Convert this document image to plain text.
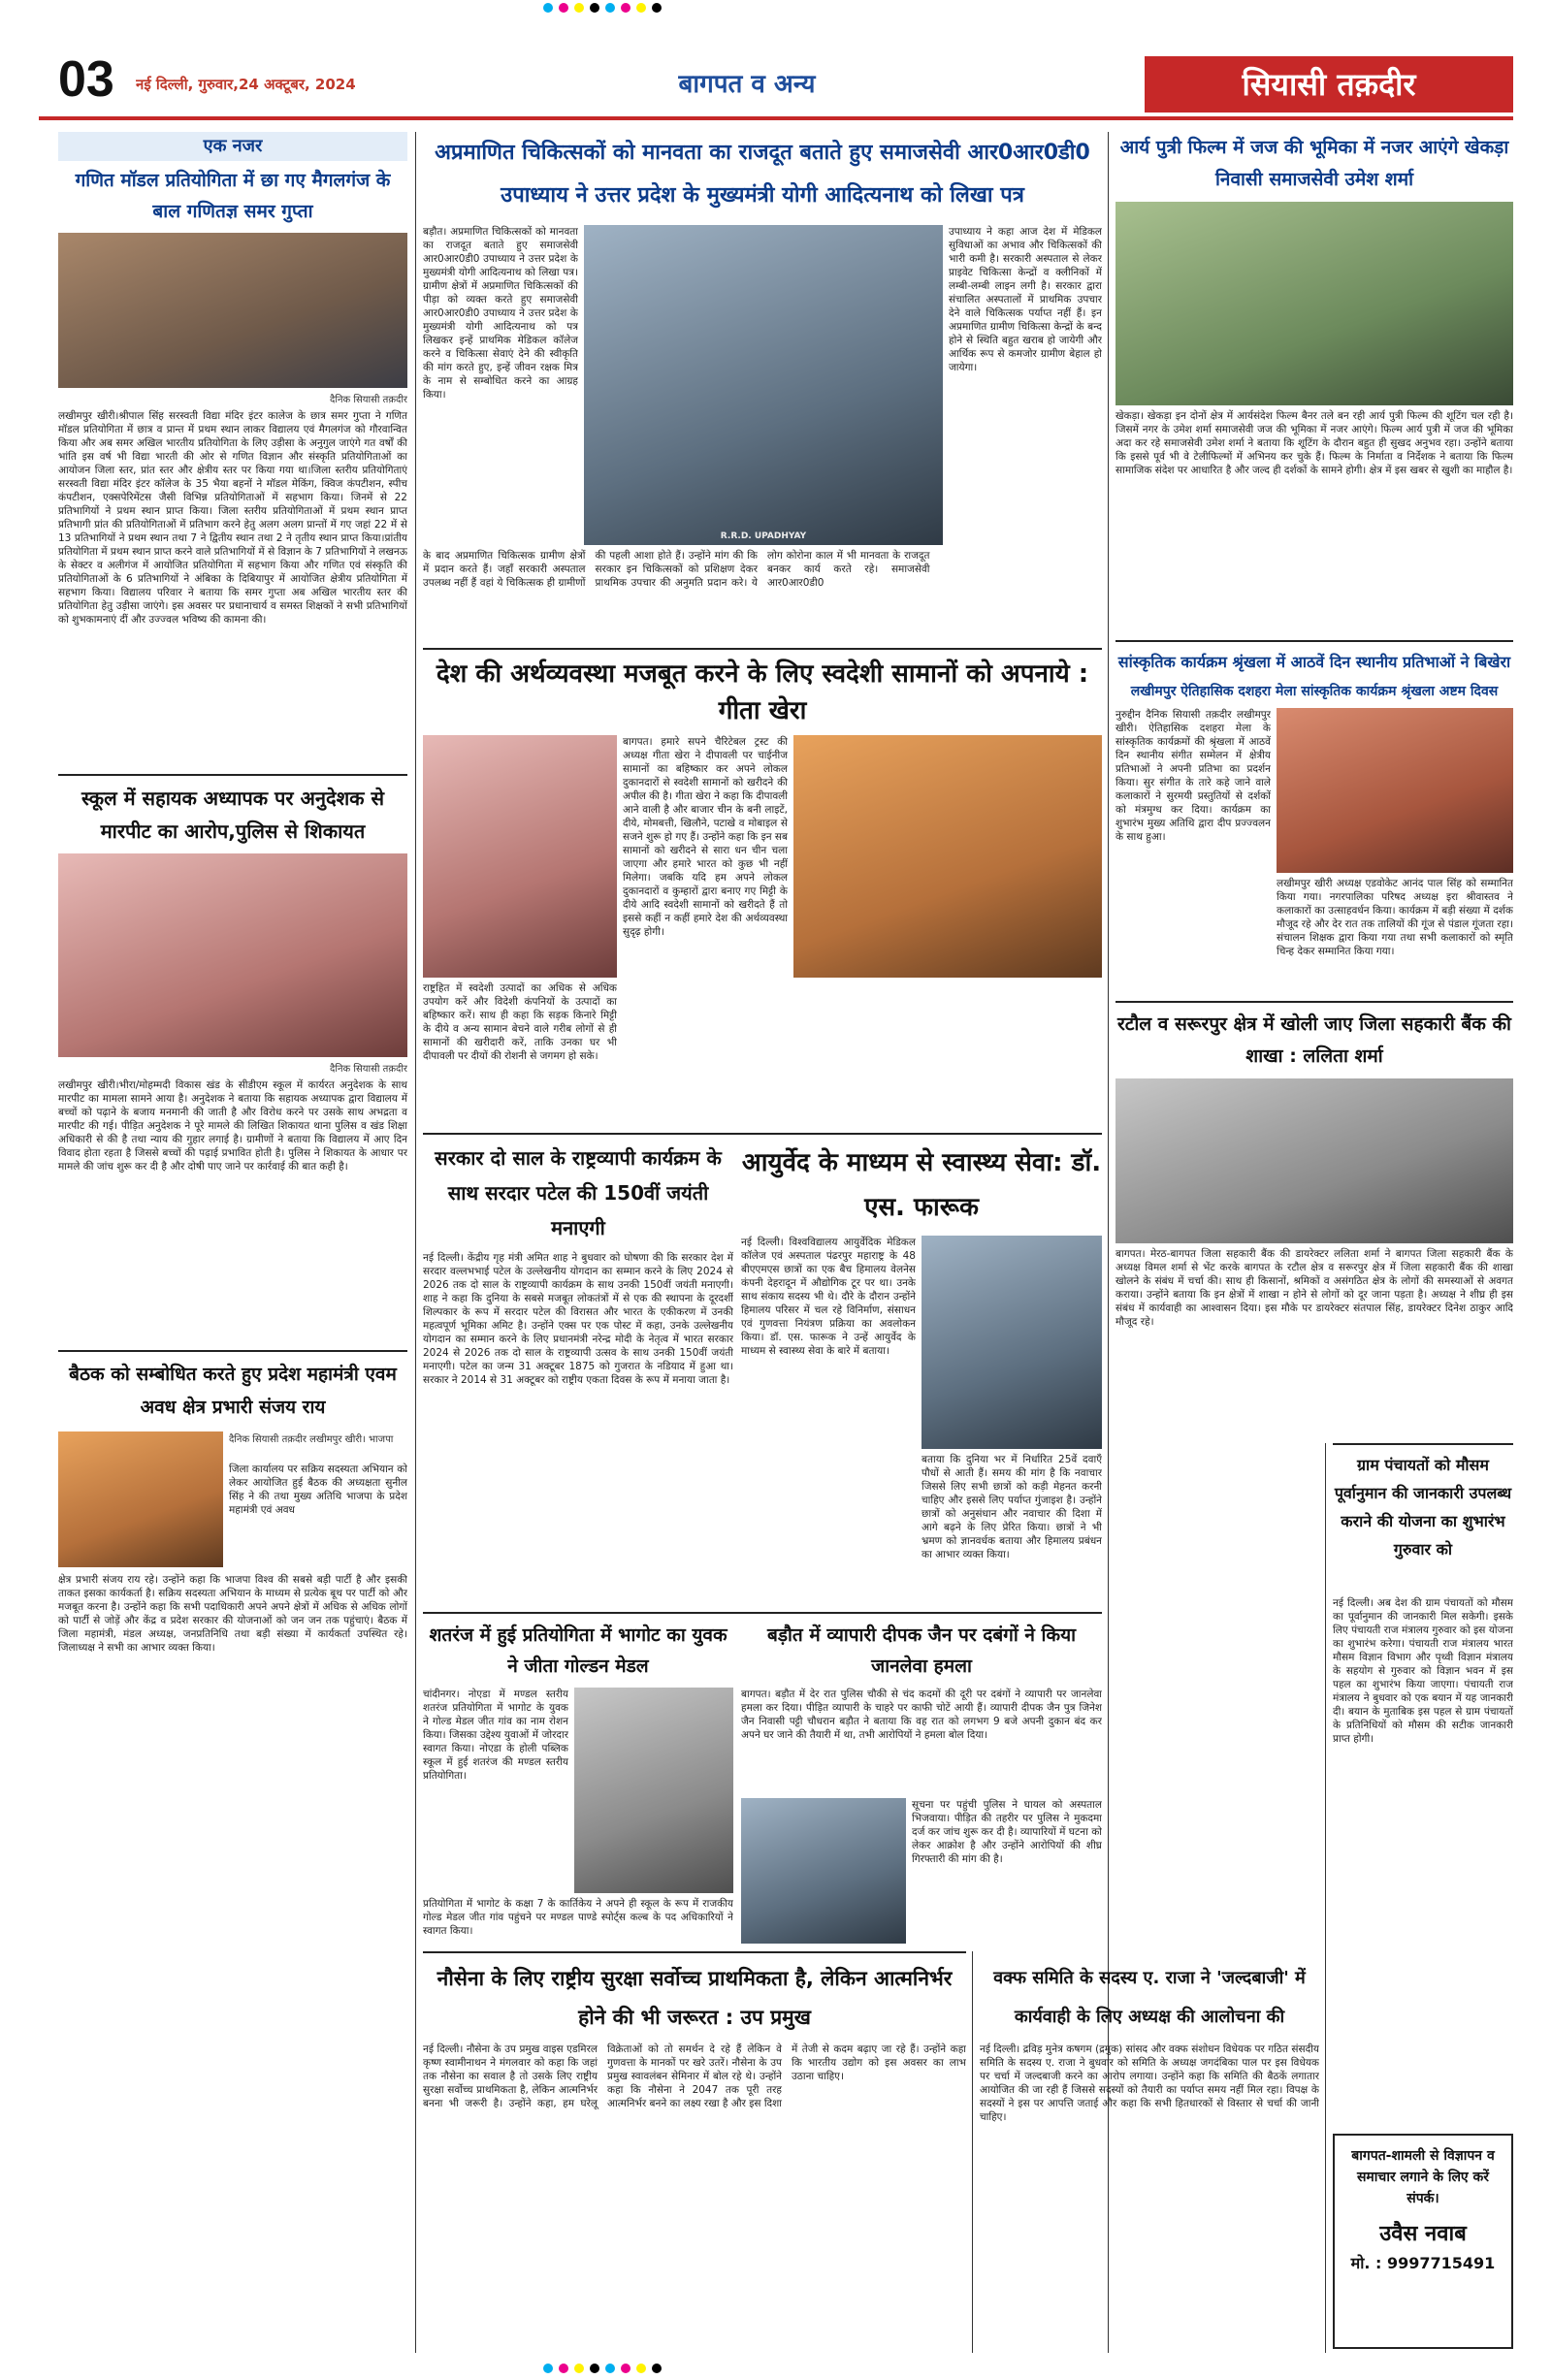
03	नई दिल्ली, गुरुवार,24 अक्टूबर, 2024	बागपत व अन्य	सियासी तक़दीर
एक नजर
गणित मॉडल प्रतियोगिता में छा गए मैगलगंज के बाल गणितज्ञ समर गुप्ता
दैनिक सियासी तक़दीर
लखीमपुर खीरी।श्रीपाल सिंह सरस्वती विद्या मंदिर इंटर कालेज के छात्र समर गुप्ता ने गणित मॉडल प्रतियोगिता में छात्र व प्रान्त में प्रथम स्थान लाकर विद्यालय एवं मैगलगंज को गौरवान्वित किया और अब समर अखिल भारतीय प्रतियोगिता के लिए उड़ीसा के अनुगुल जाएंगे गत वर्षों की भांति इस वर्ष भी विद्या भारती की ओर से गणित विज्ञान और संस्कृति प्रतियोगिताओं का आयोजन जिला स्तर, प्रांत स्तर और क्षेत्रीय स्तर पर किया गया था।जिला स्तरीय प्रतियोगिताएं सरस्वती विद्या मंदिर इंटर कॉलेज के 35 भैया बहनों ने मॉडल मेकिंग, क्विज कंपटीशन, स्पीच कंपटीशन, एक्सपेरिमेंटस जैसी विभिन्न प्रतियोगिताओं में सहभाग किया। जिनमें से 22 प्रतिभागियों ने प्रथम स्थान प्राप्त किया। जिला स्तरीय प्रतियोगिताओं में प्रथम स्थान प्राप्त प्रतिभागी प्रांत की प्रतियोगिताओं में प्रतिभाग करने हेतु अलग अलग प्रान्तों में गए जहां 22 में से 13 प्रतिभागियों ने प्रथम स्थान तथा 7 ने द्वितीय स्थान तथा 2 ने तृतीय स्थान प्राप्त किया।प्रांतीय प्रतियोगिता में प्रथम स्थान प्राप्त करने वाले प्रतिभागियों में से विज्ञान के 7 प्रतिभागियों ने लखनऊ के सेक्टर व अलीगंज में आयोजित प्रतियोगिता में सहभाग किया और गणित एवं संस्कृति की प्रतियोगिताओं के 6 प्रतिभागियों ने अंबिका के दिबियापुर में आयोजित क्षेत्रीय प्रतियोगिता में सहभाग किया। विद्यालय परिवार ने बताया कि समर गुप्ता अब अखिल भारतीय स्तर की प्रतियोगिता हेतु उड़ीसा जाएंगे। इस अवसर पर प्रधानाचार्य व समस्त शिक्षकों ने सभी प्रतिभागियों को शुभकामनाएं दीं और उज्ज्वल भविष्य की कामना की।
स्कूल में सहायक अध्यापक पर अनुदेशक से मारपीट का आरोप,पुलिस से शिकायत
दैनिक सियासी तक़दीर
लखीमपुर खीरी।भीरा/मोहम्मदी विकास खंड के सीडीएम स्कूल में कार्यरत अनुदेशक के साथ मारपीट का मामला सामने आया है। अनुदेशक ने बताया कि सहायक अध्यापक द्वारा विद्यालय में बच्चों को पढ़ाने के बजाय मनमानी की जाती है और विरोध करने पर उसके साथ अभद्रता व मारपीट की गई। पीड़ित अनुदेशक ने पूरे मामले की लिखित शिकायत थाना पुलिस व खंड शिक्षा अधिकारी से की है तथा न्याय की गुहार लगाई है। ग्रामीणों ने बताया कि विद्यालय में आए दिन विवाद होता रहता है जिससे बच्चों की पढ़ाई प्रभावित होती है। पुलिस ने शिकायत के आधार पर मामले की जांच शुरू कर दी है और दोषी पाए जाने पर कार्रवाई की बात कही है।
बैठक को सम्बोधित करते हुए प्रदेश महामंत्री एवम अवध क्षेत्र प्रभारी संजय राय
दैनिक सियासी तक़दीर लखीमपुर खीरी। भाजपा
जिला कार्यालय पर सक्रिय सदस्यता अभियान को लेकर आयोजित हुई बैठक की अध्यक्षता सुनील सिंह ने की तथा मुख्य अतिथि भाजपा के प्रदेश महामंत्री एवं अवध
क्षेत्र प्रभारी संजय राय रहे। उन्होंने कहा कि भाजपा विश्व की सबसे बड़ी पार्टी है और इसकी ताकत इसका कार्यकर्ता है। सक्रिय सदस्यता अभियान के माध्यम से प्रत्येक बूथ पर पार्टी को और मजबूत करना है। उन्होंने कहा कि सभी पदाधिकारी अपने अपने क्षेत्रों में अधिक से अधिक लोगों को पार्टी से जोड़ें और केंद्र व प्रदेश सरकार की योजनाओं को जन जन तक पहुंचाएं। बैठक में जिला महामंत्री, मंडल अध्यक्ष, जनप्रतिनिधि तथा बड़ी संख्या में कार्यकर्ता उपस्थित रहे। जिलाध्यक्ष ने सभी का आभार व्यक्त किया।
अप्रमाणित चिकित्सकों को मानवता का राजदूत बताते हुए समाजसेवी आर0आर0डी0 उपाध्याय ने उत्तर प्रदेश के मुख्यमंत्री योगी आदित्यनाथ को लिखा पत्र
बड़ौत। अप्रमाणित चिकित्सकों को मानवता का राजदूत बताते हुए समाजसेवी आर0आर0डी0 उपाध्याय ने उत्तर प्रदेश के मुख्यमंत्री योगी आदित्यनाथ को लिखा पत्र। ग्रामीण क्षेत्रों में अप्रमाणित चिकित्सकों की पीड़ा को व्यक्त करते हुए समाजसेवी आर0आर0डी0 उपाध्याय ने उत्तर प्रदेश के मुख्यमंत्री योगी आदित्यनाथ को पत्र लिखकर इन्हें प्राथमिक मेडिकल कॉलेज करने व चिकित्सा सेवाएं देने की स्वीकृति की मांग करते हुए, इन्हें जीवन रक्षक मित्र के नाम से सम्बोधित करने का आग्रह किया।
R.R.D. UPADHYAY
उपाध्याय ने कहा आज देश में मेडिकल सुविधाओं का अभाव और चिकित्सकों की भारी कमी है। सरकारी अस्पताल से लेकर प्राइवेट चिकित्सा केन्द्रों व क्लीनिकों में लम्बी-लम्बी लाइन लगी है। सरकार द्वारा संचालित अस्पतालों में प्राथमिक उपचार देने वाले चिकित्सक पर्याप्त नहीं हैं। इन अप्रमाणित ग्रामीण चिकित्सा केन्द्रों के बन्द होने से स्थिति बहुत खराब हो जायेगी और आर्थिक रूप से कमजोर ग्रामीण बेहाल हो जायेगा।
के बाद अप्रमाणित चिकित्सक ग्रामीण क्षेत्रों में प्रदान करते हैं। जहाँ सरकारी अस्पताल उपलब्ध नहीं हैं वहां ये चिकित्सक ही ग्रामीणों की पहली आशा होते हैं। उन्होंने मांग की कि सरकार इन चिकित्सकों को प्रशिक्षण देकर प्राथमिक उपचार की अनुमति प्रदान करे। ये लोग कोरोना काल में भी मानवता के राजदूत बनकर कार्य करते रहे। समाजसेवी आर0आर0डी0
आर्य पुत्री फिल्म में जज की भूमिका में नजर आएंगे खेकड़ा निवासी समाजसेवी उमेश शर्मा
खेकड़ा। खेकड़ा इन दोनों क्षेत्र में आर्यसंदेश फिल्म बैनर तले बन रही आर्य पुत्री फिल्म की शूटिंग चल रही है। जिसमें नगर के उमेश शर्मा समाजसेवी जज की भूमिका में नजर आएंगे। फिल्म आर्य पुत्री में जज की भूमिका अदा कर रहे समाजसेवी उमेश शर्मा ने बताया कि शूटिंग के दौरान बहुत ही सुखद अनुभव रहा। उन्होंने बताया कि इससे पूर्व भी वे टेलीफिल्मों में अभिनय कर चुके हैं। फिल्म के निर्माता व निर्देशक ने बताया कि फिल्म सामाजिक संदेश पर आधारित है और जल्द ही दर्शकों के सामने होगी। क्षेत्र में इस खबर से खुशी का माहौल है।
देश की अर्थव्यवस्था मजबूत करने के लिए स्वदेशी सामानों को अपनाये : गीता खेरा
बागपत। हमारे सपने चैरिटेबल ट्रस्ट की अध्यक्ष गीता खेरा ने दीपावली पर चाईनीज सामानों का बहिष्कार कर अपने लोकल दुकानदारों से स्वदेशी सामानों को खरीदने की अपील की है। गीता खेरा ने कहा कि दीपावली आने वाली है और बाजार चीन के बनी लाइटें, दीये, मोमबत्ती, खिलौने, पटाखे व मोबाइल से सजने शुरू हो गए हैं। उन्होंने कहा कि इन सब सामानों को खरीदने से सारा धन चीन चला जाएगा और हमारे भारत को कुछ भी नहीं मिलेगा। जबकि यदि हम अपने लोकल दुकानदारों व कुम्हारों द्वारा बनाए गए मिट्टी के दीये आदि स्वदेशी सामानों को खरीदते हैं तो इससे कहीं न कहीं हमारे देश की अर्थव्यवस्था सुदृढ़ होगी।
राष्ट्रहित में स्वदेशी उत्पादों का अधिक से अधिक उपयोग करें और विदेशी कंपनियों के उत्पादों का बहिष्कार करें। साथ ही कहा कि सड़क किनारे मिट्टी के दीये व अन्य सामान बेचने वाले गरीब लोगों से ही सामानों की खरीदारी करें, ताकि उनका घर भी दीपावली पर दीयों की रोशनी से जगमग हो सके।
सांस्कृतिक कार्यक्रम श्रृंखला में आठवें दिन स्थानीय प्रतिभाओं ने बिखेरा
लखीमपुर ऐतिहासिक दशहरा मेला सांस्कृतिक कार्यक्रम श्रृंखला अष्टम दिवस
नुरुद्दीन दैनिक सियासी तक़दीर लखीमपुर खीरी। ऐतिहासिक दशहरा मेला के सांस्कृतिक कार्यक्रमों की श्रृंखला में आठवें दिन स्थानीय संगीत सम्मेलन में क्षेत्रीय प्रतिभाओं ने अपनी प्रतिभा का प्रदर्शन किया। सुर संगीत के तारे कहे जाने वाले कलाकारों ने सुरमयी प्रस्तुतियों से दर्शकों को मंत्रमुग्ध कर दिया। कार्यक्रम का शुभारंभ मुख्य अतिथि द्वारा दीप प्रज्ज्वलन के साथ हुआ।
लखीमपुर खीरी अध्यक्ष एडवोकेट आनंद पाल सिंह को सम्मानित किया गया। नगरपालिका परिषद अध्यक्ष इरा श्रीवास्तव ने कलाकारों का उत्साहवर्धन किया। कार्यक्रम में बड़ी संख्या में दर्शक मौजूद रहे और देर रात तक तालियों की गूंज से पंडाल गूंजता रहा। संचालन शिक्षक द्वारा किया गया तथा सभी कलाकारों को स्मृति चिन्ह देकर सम्मानित किया गया।
सरकार दो साल के राष्ट्रव्यापी कार्यक्रम के साथ सरदार पटेल की 150वीं जयंती मनाएगी
नई दिल्ली। केंद्रीय गृह मंत्री अमित शाह ने बुधवार को घोषणा की कि सरकार देश में सरदार वल्लभभाई पटेल के उल्लेखनीय योगदान का सम्मान करने के लिए 2024 से 2026 तक दो साल के राष्ट्रव्यापी कार्यक्रम के साथ उनकी 150वीं जयंती मनाएगी। शाह ने कहा कि दुनिया के सबसे मजबूत लोकतंत्रों में से एक की स्थापना के दूरदर्शी शिल्पकार के रूप में सरदार पटेल की विरासत और भारत के एकीकरण में उनकी महत्वपूर्ण भूमिका अमिट है। उन्होंने एक्स पर एक पोस्ट में कहा, उनके उल्लेखनीय योगदान का सम्मान करने के लिए प्रधानमंत्री नरेन्द्र मोदी के नेतृत्व में भारत सरकार 2024 से 2026 तक दो साल के राष्ट्रव्यापी उत्सव के साथ उनकी 150वीं जयंती मनाएगी। पटेल का जन्म 31 अक्टूबर 1875 को गुजरात के नडियाद में हुआ था। सरकार ने 2014 से 31 अक्टूबर को राष्ट्रीय एकता दिवस के रूप में मनाया जाता है।
आयुर्वेद के माध्यम से स्वास्थ्य सेवा: डॉ. एस. फारूक
नई दिल्ली। विश्वविद्यालय आयुर्वेदिक मेडिकल कॉलेज एवं अस्पताल पंढरपुर महाराष्ट्र के 48 बीएएमएस छात्रों का एक बैच हिमालय वेलनेस कंपनी देहरादून में औद्योगिक टूर पर था। उनके साथ संकाय सदस्य भी थे। दौरे के दौरान उन्होंने हिमालय परिसर में चल रहे विनिर्माण, संसाधन एवं गुणवत्ता नियंत्रण प्रक्रिया का अवलोकन किया। डॉ. एस. फारूक ने उन्हें आयुर्वेद के माध्यम से स्वास्थ्य सेवा के बारे में बताया।
बताया कि दुनिया भर में निर्धारित 25वें दवाएँ पौधों से आती हैं। समय की मांग है कि नवाचार जिससे लिए सभी छात्रों को कड़ी मेहनत करनी चाहिए और इससे लिए पर्याप्त गुंजाइश है। उन्होंने छात्रों को अनुसंधान और नवाचार की दिशा में आगे बढ़ने के लिए प्रेरित किया। छात्रों ने भी भ्रमण को ज्ञानवर्धक बताया और हिमालय प्रबंधन का आभार व्यक्त किया।
रटौल व सरूरपुर क्षेत्र में खोली जाए जिला सहकारी बैंक की शाखा : ललिता शर्मा
बागपत। मेरठ-बागपत जिला सहकारी बैंक की डायरेक्टर ललिता शर्मा ने बागपत जिला सहकारी बैंक के अध्यक्ष विमल शर्मा से भेंट करके बागपत के रटौल क्षेत्र व सरूरपुर क्षेत्र में जिला सहकारी बैंक की शाखा खोलने के संबंध में चर्चा की। साथ ही किसानों, श्रमिकों व असंगठित क्षेत्र के लोगों की समस्याओं से अवगत कराया। उन्होंने बताया कि इन क्षेत्रों में शाखा न होने से लोगों को दूर जाना पड़ता है। अध्यक्ष ने शीघ्र ही इस संबंध में कार्यवाही का आश्वासन दिया। इस मौके पर डायरेक्टर संतपाल सिंह, डायरेक्टर दिनेश ठाकुर आदि मौजूद रहे।
शतरंज में हुई प्रतियोगिता में भागोट का युवक ने जीता गोल्डन मेडल
चांदीनगर। नोएडा में मण्डल स्तरीय शतरंज प्रतियोगिता में भागोट के युवक ने गोल्ड मेडल जीत गांव का नाम रोशन किया। जिसका उद्देश्य युवाओं में जोरदार स्वागत किया। नोएडा के होली पब्लिक स्कूल में हुई शतरंज की मण्डल स्तरीय प्रतियोगिता।
प्रतियोगिता में भागोट के कक्षा 7 के कार्तिकेय ने अपने ही स्कूल के रूप में राजकीय गोल्ड मेडल जीत गांव पहुंचने पर मण्डल पाण्डे स्पोर्ट्स कल्ब के पद अधिकारियों ने स्वागत किया।
बड़ौत में व्यापारी दीपक जैन पर दबंगों ने किया जानलेवा हमला
बागपत। बड़ौत में देर रात पुलिस चौकी से चंद कदमों की दूरी पर दबंगों ने व्यापारी पर जानलेवा हमला कर दिया। पीड़ित व्यापारी के चाहरे पर काफी चोटें आयी हैं। व्यापारी दीपक जैन पुत्र जिनेश जैन निवासी पट्टी चौधरान बड़ौत ने बताया कि वह रात को लगभग 9 बजे अपनी दुकान बंद कर अपने घर जाने की तैयारी में था, तभी आरोपियों ने हमला बोल दिया।
सूचना पर पहुंची पुलिस ने घायल को अस्पताल भिजवाया। पीड़ित की तहरीर पर पुलिस ने मुकदमा दर्ज कर जांच शुरू कर दी है। व्यापारियों में घटना को लेकर आक्रोश है और उन्होंने आरोपियों की शीघ्र गिरफ्तारी की मांग की है।
नौसेना के लिए राष्ट्रीय सुरक्षा सर्वोच्च प्राथमिकता है, लेकिन आत्मनिर्भर होने की भी जरूरत : उप प्रमुख
नई दिल्ली। नौसेना के उप प्रमुख वाइस एडमिरल कृष्ण स्वामीनाथन ने मंगलवार को कहा कि जहां तक नौसेना का सवाल है तो उसके लिए राष्ट्रीय सुरक्षा सर्वोच्च प्राथमिकता है, लेकिन आत्मनिर्भर बनना भी जरूरी है। उन्होंने कहा, हम घरेलू विक्रेताओं को तो समर्थन दे रहे हैं लेकिन वे गुणवत्ता के मानकों पर खरे उतरें। नौसेना के उप प्रमुख स्वावलंबन सेमिनार में बोल रहे थे। उन्होंने कहा कि नौसेना ने 2047 तक पूरी तरह आत्मनिर्भर बनने का लक्ष्य रखा है और इस दिशा में तेजी से कदम बढ़ाए जा रहे हैं। उन्होंने कहा कि भारतीय उद्योग को इस अवसर का लाभ उठाना चाहिए।
वक्फ समिति के सदस्य ए. राजा ने 'जल्दबाजी' में कार्यवाही के लिए अध्यक्ष की आलोचना की
नई दिल्ली। द्रविड़ मुनेत्र कषगम (द्रमुक) सांसद और वक्फ संशोधन विधेयक पर गठित संसदीय समिति के सदस्य ए. राजा ने बुधवार को समिति के अध्यक्ष जगदंबिका पाल पर इस विधेयक पर चर्चा में जल्दबाजी करने का आरोप लगाया। उन्होंने कहा कि समिति की बैठकें लगातार आयोजित की जा रही हैं जिससे सदस्यों को तैयारी का पर्याप्त समय नहीं मिल रहा। विपक्ष के सदस्यों ने इस पर आपत्ति जताई और कहा कि सभी हितधारकों से विस्तार से चर्चा की जानी चाहिए।
ग्राम पंचायतों को मौसम पूर्वानुमान की जानकारी उपलब्ध कराने की योजना का शुभारंभ गुरुवार को
नई दिल्ली। अब देश की ग्राम पंचायतों को मौसम का पूर्वानुमान की जानकारी मिल सकेगी। इसके लिए पंचायती राज मंत्रालय गुरुवार को इस योजना का शुभारंभ करेगा। पंचायती राज मंत्रालय भारत मौसम विज्ञान विभाग और पृथ्वी विज्ञान मंत्रालय के सहयोग से गुरुवार को विज्ञान भवन में इस पहल का शुभारंभ किया जाएगा। पंचायती राज मंत्रालय ने बुधवार को एक बयान में यह जानकारी दी। बयान के मुताबिक इस पहल से ग्राम पंचायतों के प्रतिनिधियों को मौसम की सटीक जानकारी प्राप्त होगी।
बागपत-शामली से विज्ञापन व समाचार लगाने के लिए करें संपर्क।
उवैस नवाब
मो. : 9997715491
